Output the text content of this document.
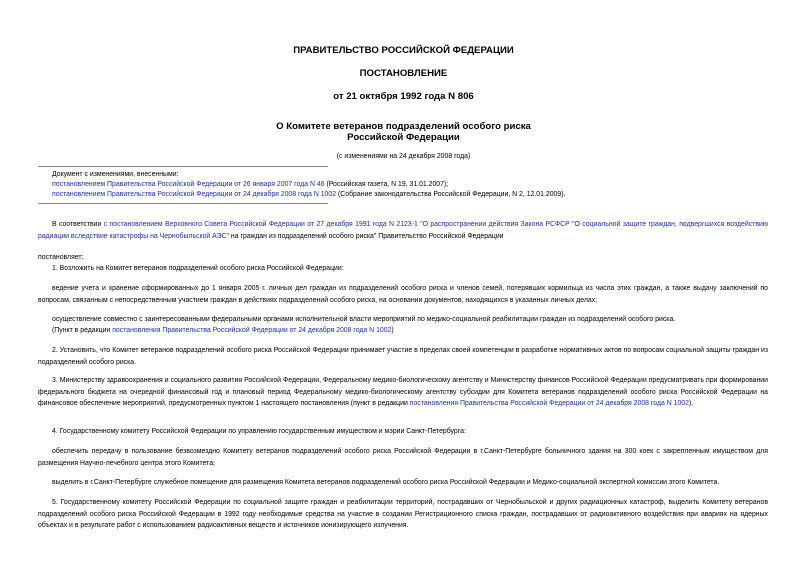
ПРАВИТЕЛЬСТВО РОССИЙСКОЙ ФЕДЕРАЦИИ
ПОСТАНОВЛЕНИЕ
от 21 октября 1992 года N 806
О Комитете ветеранов подразделений особого риска
Российской Федерации
(с изменениями на 24 декабря 2008 года)
Документ с изменениями, внесенными:
постановлением Правительства Российской Федерации от 26 января 2007 года N 46 (Российская газета, N 19, 31.01.2007);
постановлением Правительства Российской Федерации от 24 декабря 2008 года N 1002 (Собрание законодательства Российской Федерации, N 2, 12.01.2009).
В соответствии с постановлением Верховного Совета Российской Федерации от 27 декабря 1991 года N 2123-1 "О распространении действия Закона РСФСР "О социальной защите граждан, подвергшихся воздействию радиации вследствие катастрофы на Чернобыльской АЭС" на граждан из подразделений особого риска" Правительство Российской Федерации
постановляет:
1. Возложить на Комитет ветеранов подразделений особого риска Российской Федерации:
ведение учета и хранение сформированных до 1 января 2005 г. личных дел граждан из подразделений особого риска и членов семей, потерявших кормильца из числа этих граждан, а также выдачу заключений по вопросам, связанным с непосредственным участием граждан в действиях подразделений особого риска, на основании документов, находящихся в указанных личных делах;
осуществление совместно с заинтересованными федеральными органами исполнительной власти мероприятий по медико-социальной реабилитации граждан из подразделений особого риска.
(Пункт в редакции постановления Правительства Российской Федерации от 24 декабря 2008 года N 1002)
2. Установить, что Комитет ветеранов подразделений особого риска Российской Федерации принимает участие в пределах своей компетенции в разработке нормативных актов по вопросам социальной защиты граждан из подразделений особого риска.
3. Министерству здравоохранения и социального развития Российской Федерации, Федеральному медико-биологическому агентству и Министерству финансов Российской Федерации предусматривать при формировании федерального бюджета на очередной финансовый год и плановый период Федеральному медико-биологическому агентству субсидии для Комитета ветеранов подразделений особого риска Российской Федерации на финансовое обеспечение мероприятий, предусмотренных пунктом 1 настоящего постановления (пункт в редакции постановления Правительства Российской Федерации от 24 декабря 2008 года N 1002).
4. Государственному комитету Российской Федерации по управлению государственным имуществом и мэрии Санкт-Петербурга:
обеспечить передачу в пользование безвозмездно Комитету ветеранов подразделений особого риска Российской Федерации в г.Санкт-Петербурге больничного здания на 300 коек с закрепленным имуществом для размещения Научно-лечебного центра этого Комитета;
выделить в г.Санкт-Петербурге служебное помещение для размещения Комитета ветеранов подразделений особого риска Российской Федерации и Медико-социальной экспертной комиссии этого Комитета.
5. Государственному комитету Российской Федерации по социальной защите граждан и реабилитации территорий, пострадавших от Чернобыльской и других радиационных катастроф, выделить Комитету ветеранов подразделений особого риска Российской Федерации в 1992 году необходимые средства на участие в создании Регистрационного списка граждан, пострадавших от радиоактивного воздействия при авариях на ядерных объектах и в результате работ с использованием радиоактивных веществ и источников ионизирующего излучения.
